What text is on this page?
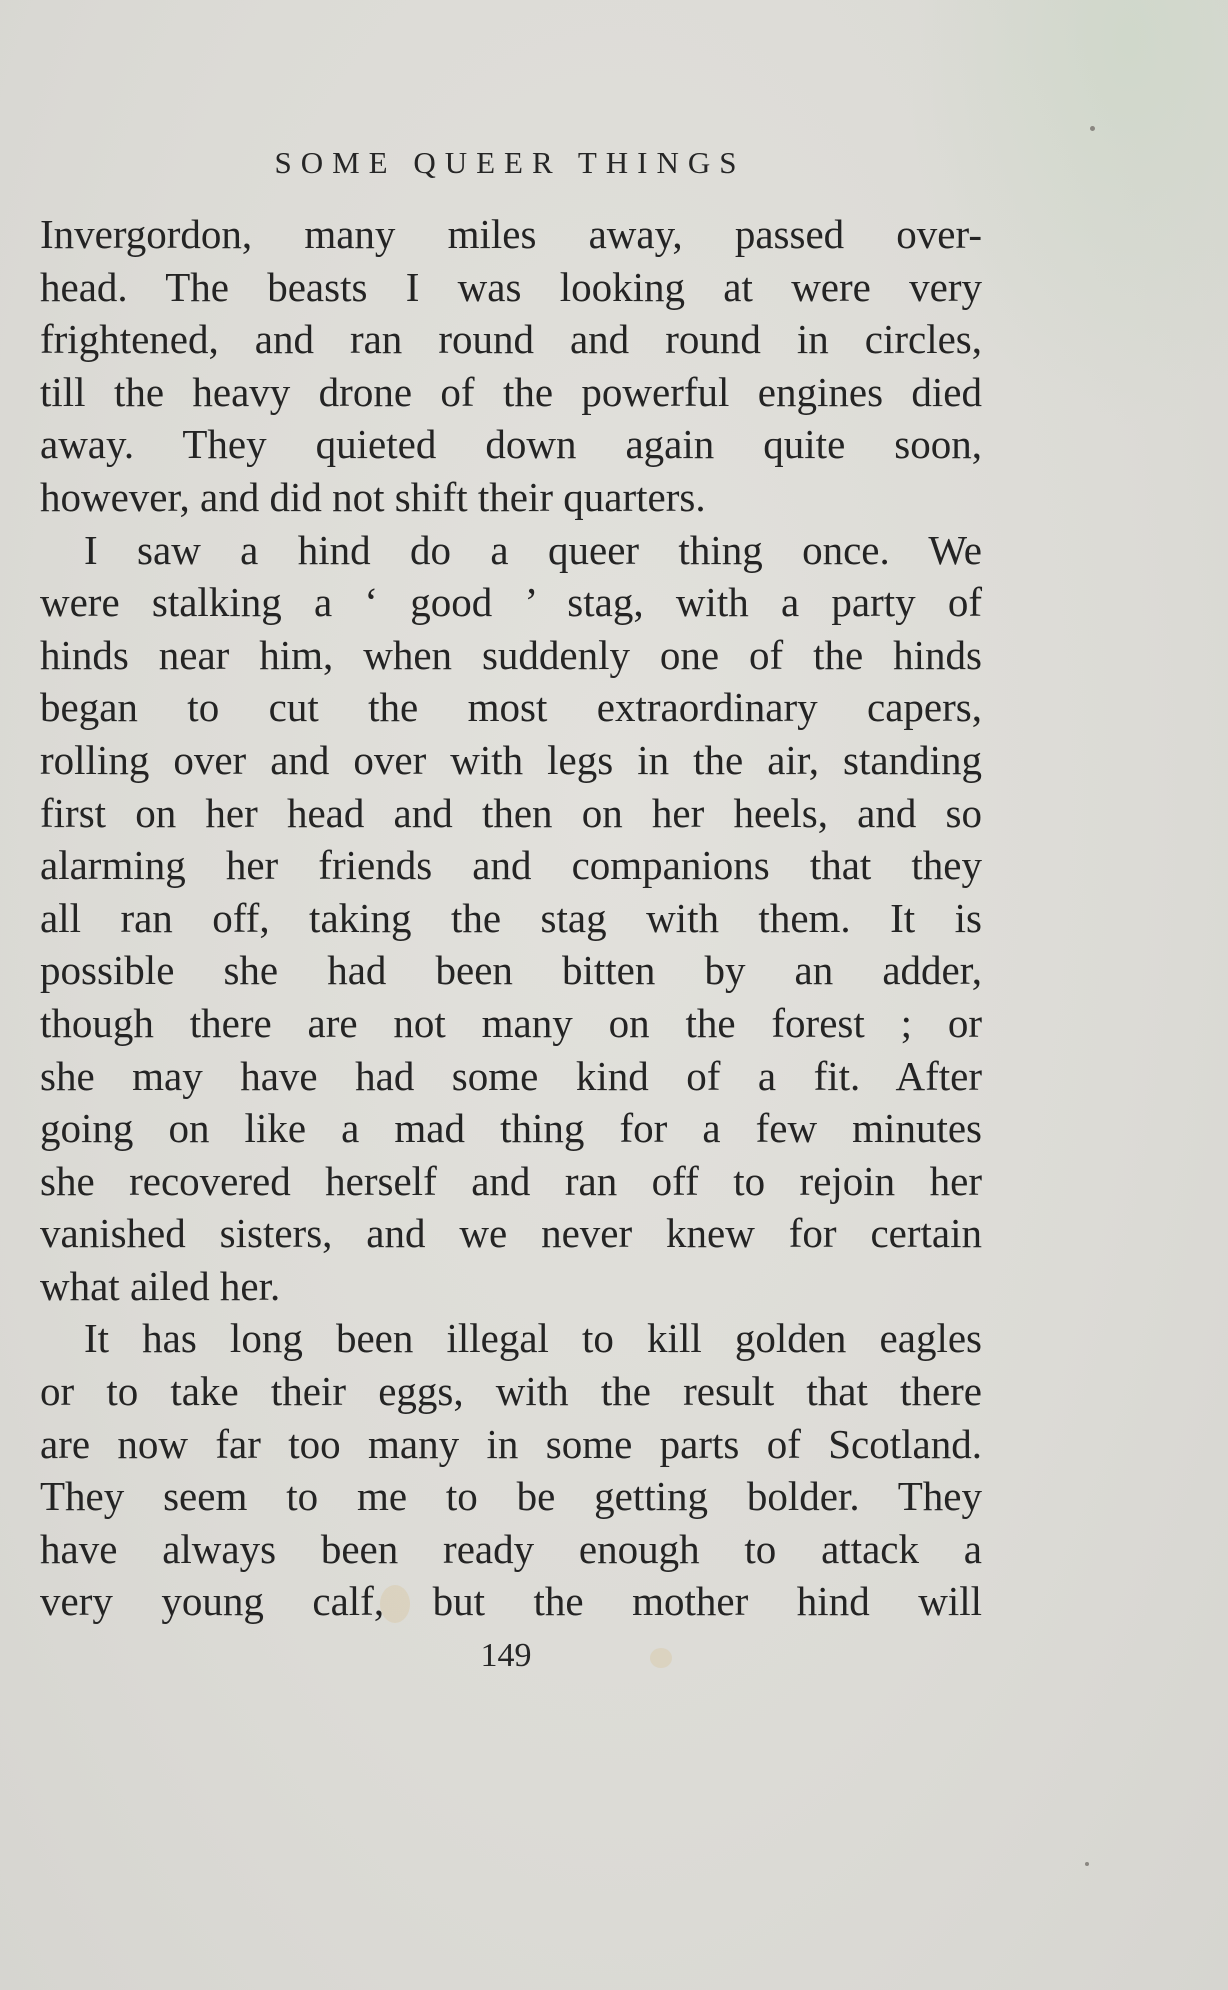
SOME QUEER THINGS
Invergordon, many miles away, passed over-
head. The beasts I was looking at were very
frightened, and ran round and round in circles,
till the heavy drone of the powerful engines died
away. They quieted down again quite soon,
however, and did not shift their quarters.
I saw a hind do a queer thing once. We
were stalking a ‘ good ’ stag, with a party of
hinds near him, when suddenly one of the hinds
began to cut the most extraordinary capers,
rolling over and over with legs in the air, standing
first on her head and then on her heels, and so
alarming her friends and companions that they
all ran off, taking the stag with them. It is
possible she had been bitten by an adder,
though there are not many on the forest ; or
she may have had some kind of a fit. After
going on like a mad thing for a few minutes
she recovered herself and ran off to rejoin her
vanished sisters, and we never knew for certain
what ailed her.
It has long been illegal to kill golden eagles
or to take their eggs, with the result that there
are now far too many in some parts of Scotland.
They seem to me to be getting bolder. They
have always been ready enough to attack a
very young calf, but the mother hind will
149
